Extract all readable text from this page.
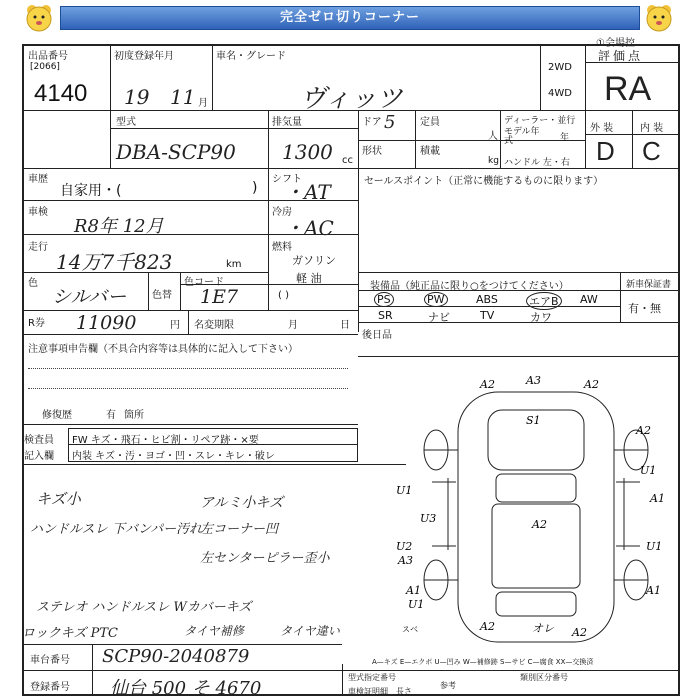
完全ゼロ切りコーナー
①会場控
出品番号
[2066]
4140
初度登録年月
19 11 月
車名・グレード
ヴィッツ
2WD
4WD
評価点
RA
型式
DBA-SCP90
排気量
1300 cc
ドア 5 定員
人
ディーラー・並行
モデル年式	年
形状	積載
kg ハンドル 左・右
外 装	内 装
D C
車歴
自家用・(	)
シフト
・AT
車検
R8年 12月
冷房
・AC
走行
14万7千823	km
燃料
ガソリン
軽 油
( )
色
シルバー	色替
色コード
1E7
R券 11090	円 名変期限	月	日
セールスポイント（正常に機能するものに限ります）
装備品（純正品に限り○をつけてください）	新車保証書
有・無
PS	PW	ABS	エアB AW
SR	ナビ	TV	カワ
後日品
注意事項申告欄（不具合内容等は具体的に記入して下さい）
修復歴	有 箇所
検査員 FW キズ・飛石・ヒビ割・リペア跡・×要
記入欄 内装 キズ・汚・ヨゴ・凹・スレ・キレ・破レ
キズ小	アルミ小キズ
ハンドルスレ 下バンパー汚れ
左コーナー凹
左センターピラー歪小
ステレオ ハンドルスレ Wカバーキズ
ロックキズ PTC	タイヤ補修	タイヤ違い
A2	A3	A2
S1
A2
U1
A1
U1
U3	A2
U2
A3
U1
A1
A1
U1
スベ	A2	オレ A2
車台番号 SCP90-2040879
登録番号 仙台 500 そ 4670
A—キズ E—エクボ U—凹み W—補修跡 S—サビ C—腐食 XX—交換済
型式指定番号
車検証明細 長さ
参考
類別区分番号
